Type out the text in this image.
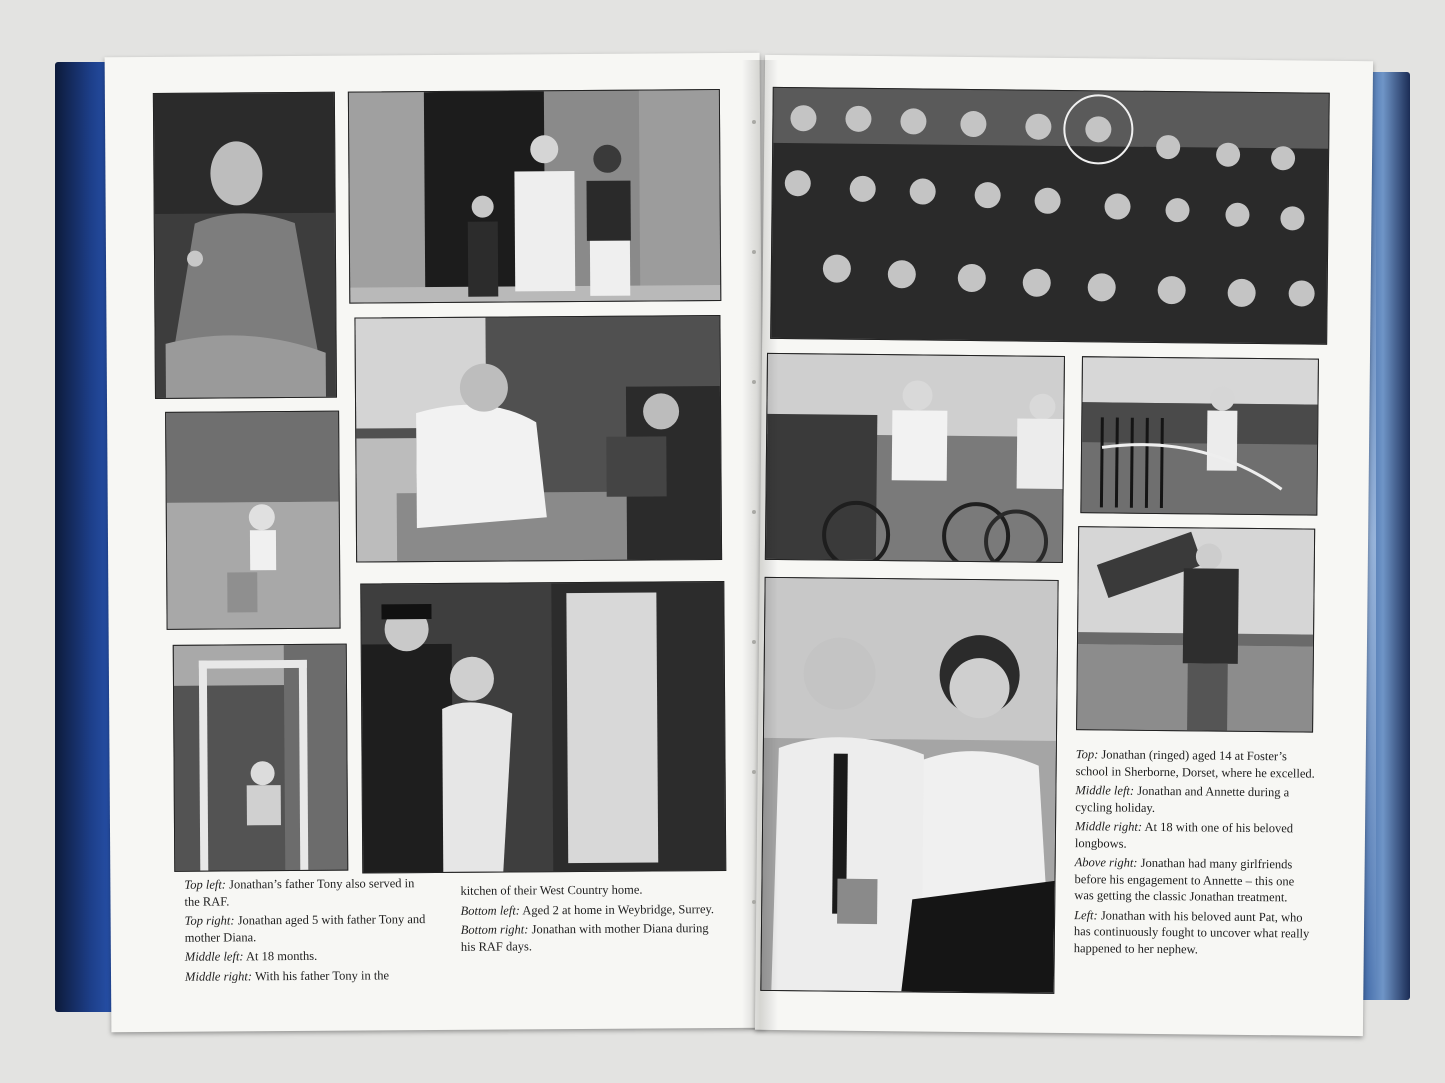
Top left: Jonathan’s father Tony also served in the RAF.

Top right: Jonathan aged 5 with father Tony and mother Diana.

Middle left: At 18 months.

Middle right: With his father Tony in the

kitchen of their West Country home.

Bottom left: Aged 2 at home in Weybridge, Surrey.

Bottom right: Jonathan with mother Diana during his RAF days.

Top: Jonathan (ringed) aged 14 at Foster’s school in Sherborne, Dorset, where he excelled.

Middle left: Jonathan and Annette during a cycling holiday.

Middle right: At 18 with one of his beloved longbows.

Above right: Jonathan had many girlfriends before his engagement to Annette – this one was getting the classic Jonathan treatment.

Left: Jonathan with his beloved aunt Pat, who has continuously fought to uncover what really happened to her nephew.
